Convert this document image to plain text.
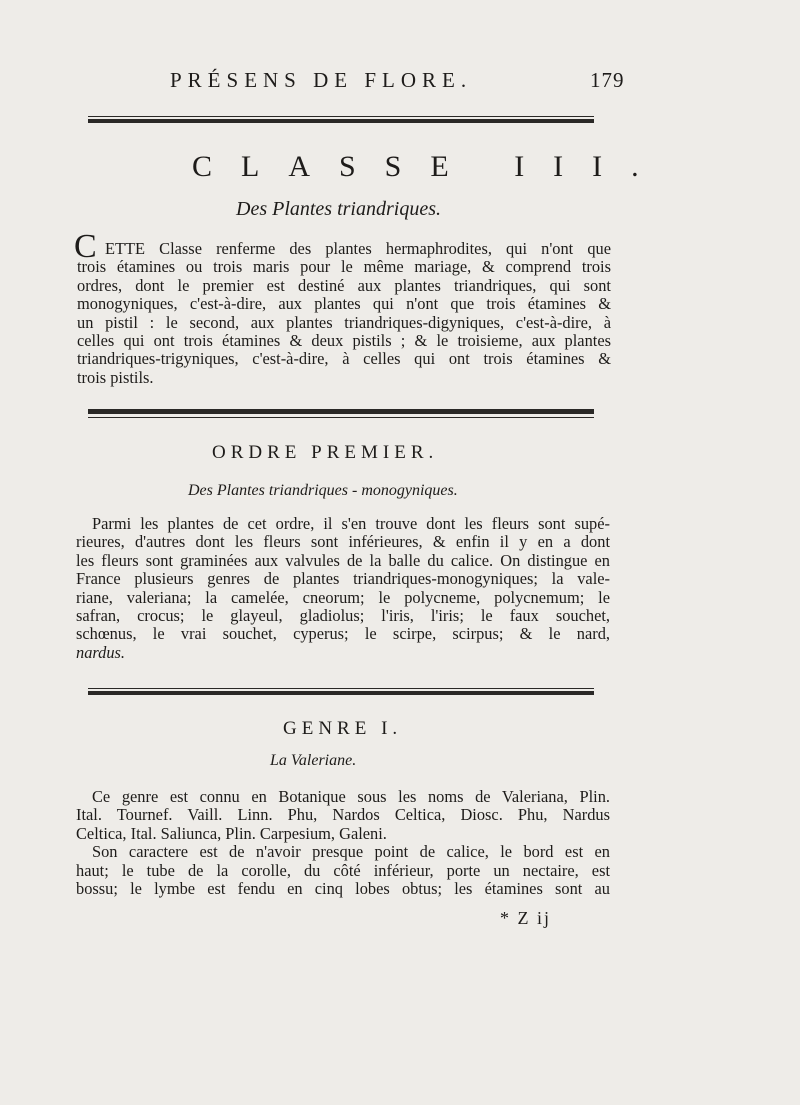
PRÉSENS DE FLORE.	179
CLASSE III.
Des Plantes triandriques.
C ETTE Classe renferme des plantes hermaphrodites, qui n'ont que
trois étamines ou trois maris pour le même mariage, & comprend trois
ordres, dont le premier est destiné aux plantes triandriques, qui sont
monogyniques, c'est-à-dire, aux plantes qui n'ont que trois étamines &
un pistil : le second, aux plantes triandriques-digyniques, c'est-à-dire, à
celles qui ont trois étamines & deux pistils ; & le troisieme, aux plantes
triandriques-trigyniques, c'est-à-dire, à celles qui ont trois étamines &
trois pistils.
ORDRE PREMIER.
Des Plantes triandriques - monogyniques.
Parmi les plantes de cet ordre, il s'en trouve dont les fleurs sont supé-
rieures, d'autres dont les fleurs sont inférieures, & enfin il y en a dont
les fleurs sont graminées aux valvules de la balle du calice. On distingue en
France plusieurs genres de plantes triandriques-monogyniques; la vale-
riane, valeriana; la camelée, cneorum; le polycneme, polycnemum; le
safran, crocus; le glayeul, gladiolus; l'iris, l'iris; le faux souchet,
schœnus, le vrai souchet, cyperus; le scirpe, scirpus; & le nard,
nardus.
GENRE I.
La Valeriane.
Ce genre est connu en Botanique sous les noms de Valeriana, Plin.
Ital. Tournef. Vaill. Linn. Phu, Nardos Celtica, Diosc. Phu, Nardus
Celtica, Ital. Saliunca, Plin. Carpesium, Galeni.
Son caractere est de n'avoir presque point de calice, le bord est en
haut; le tube de la corolle, du côté inférieur, porte un nectaire, est
bossu; le lymbe est fendu en cinq lobes obtus; les étamines sont au
* Z ij
